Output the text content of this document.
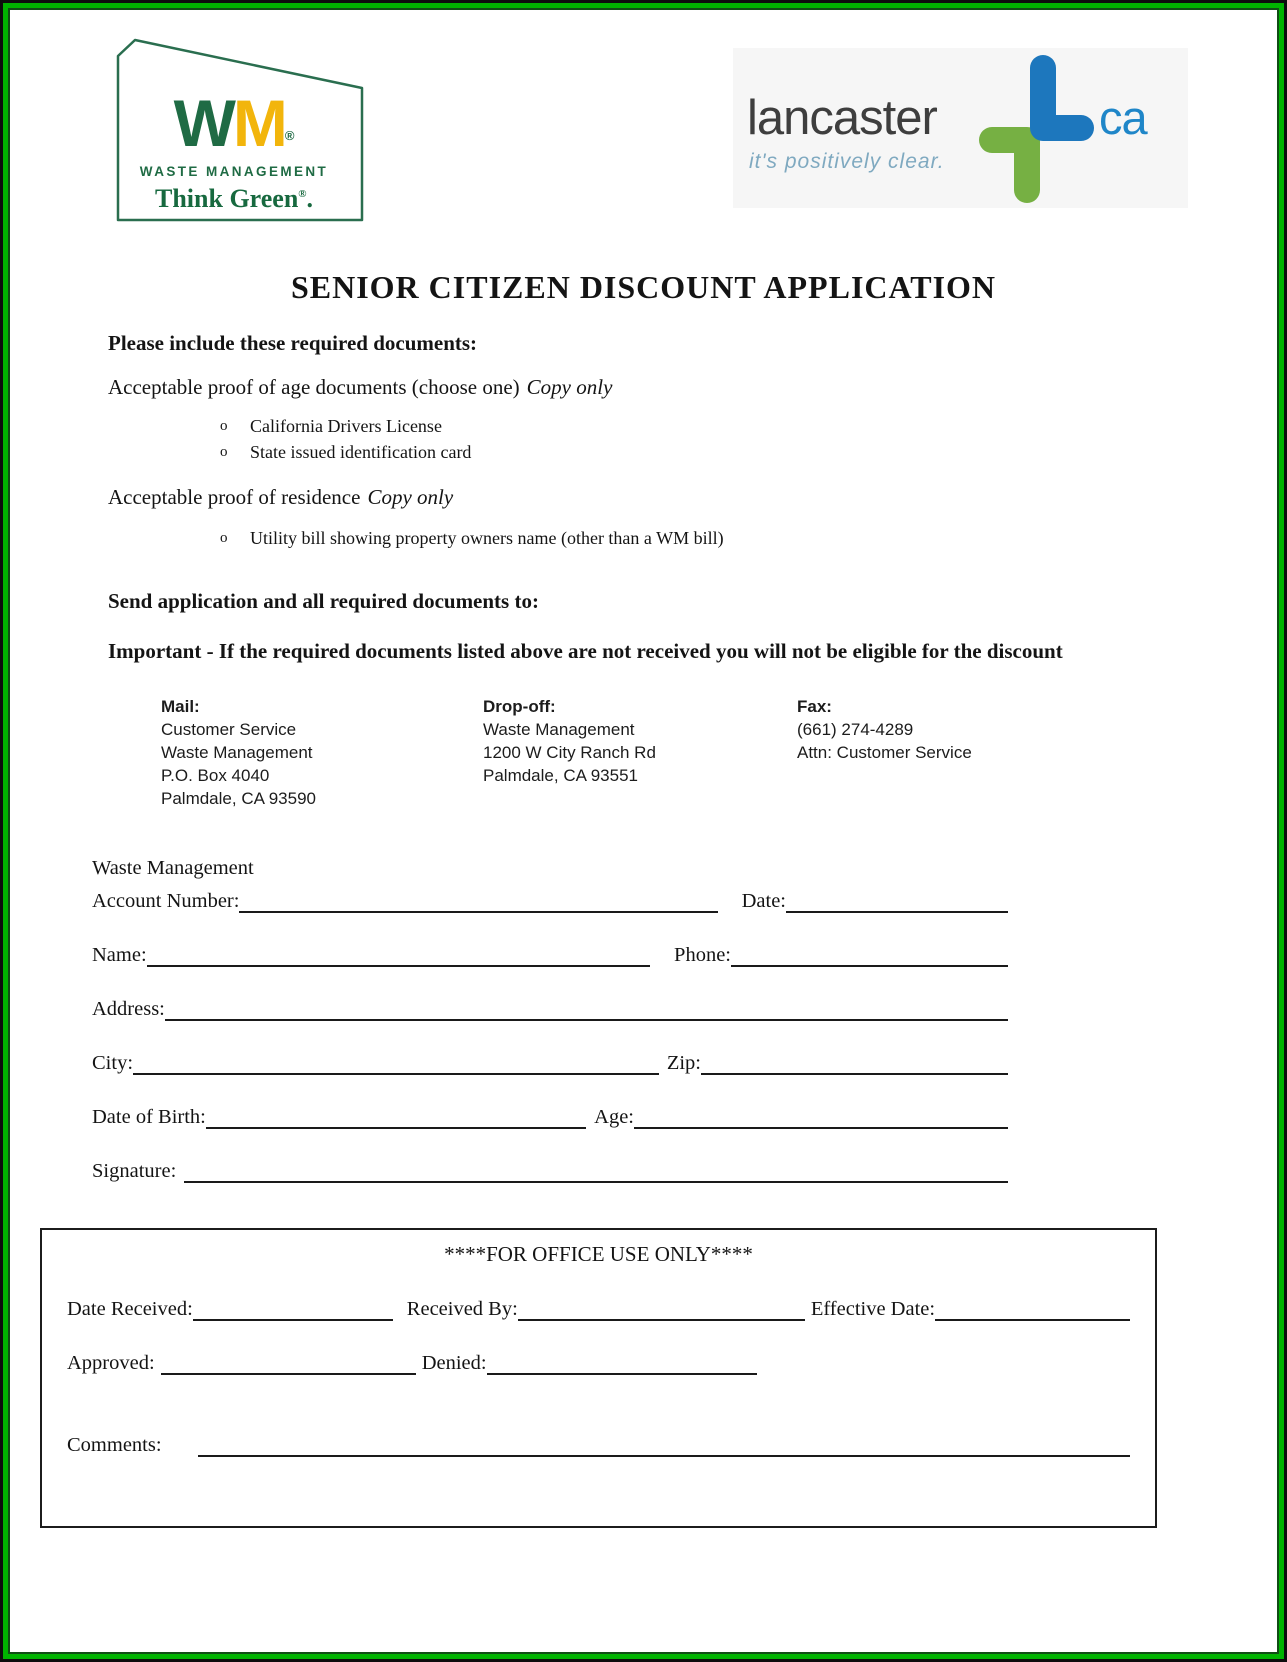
WM®
WASTE MANAGEMENT
Think Green®.
lancaster
it's positively clear.
ca
SENIOR CITIZEN DISCOUNT APPLICATION
Please include these required documents:
Acceptable proof of age documents (choose one) Copy only
o	California Drivers License
o	State issued identification card
Acceptable proof of residence Copy only
o	Utility bill showing property owners name (other than a WM bill)
Send application and all required documents to:
Important - If the required documents listed above are not received you will not be eligible for the discount
Mail:
Customer Service
Waste Management
P.O. Box 4040
Palmdale, CA 93590
Drop-off:
Waste Management
1200 W City Ranch Rd
Palmdale, CA 93551
Fax:
(661) 274-4289
Attn: Customer Service
Waste Management
Account Number:	Date:
Name:	Phone:
Address:
City:	Zip:
Date of Birth:	Age:
Signature:
****FOR OFFICE USE ONLY****
Date Received:	Received By:	Effective Date:
Approved:	Denied:
Comments:
